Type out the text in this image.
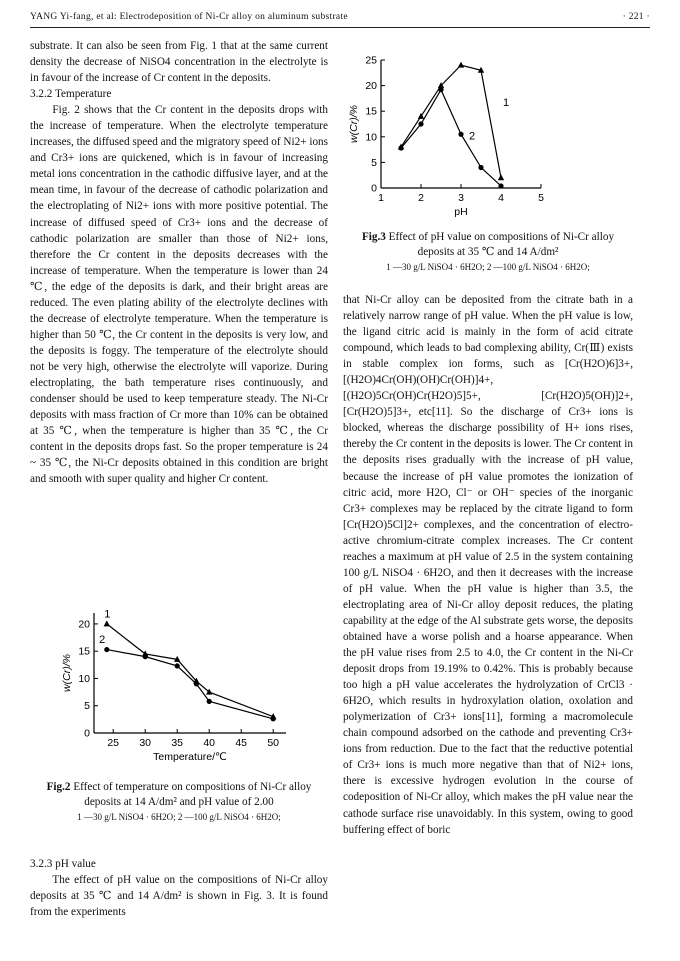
YANG Yi-fang, et al: Electrodeposition of Ni-Cr alloy on aluminum substrate	· 221 ·

substrate. It can also be seen from Fig. 1 that at the same current density the decrease of NiSO4 concentration in the electrolyte is in favour of the increase of Cr content in the deposits.

3.2.2 Temperature

Fig. 2 shows that the Cr content in the deposits drops with the increase of temperature. When the electrolyte temperature increases, the diffused speed and the migratory speed of Ni2+ ions and Cr3+ ions are quickened, which is in favour of increasing metal ions concentration in the cathodic diffusive layer, and at the mean time, in favour of the decrease of cathodic polarization and the electroplating of Ni2+ ions with more positive potential. The increase of diffused speed of Cr3+ ions and the decrease of cathodic polarization are smaller than those of Ni2+ ions, therefore the Cr content in the deposits decreases with the increase of temperature. When the temperature is lower than 24 ℃, the edge of the deposits is dark, and their bright areas are reduced. The even plating ability of the electrolyte declines with the decrease of electrolyte temperature. When the temperature is higher than 50 ℃, the Cr content in the deposits is very low, and the deposits is foggy. The temperature of the electrolyte should not be very high, otherwise the electrolyte will vaporize. During electroplating, the bath temperature rises continuously, and condenser should be used to keep temperature steady. The Ni-Cr deposits with mass fraction of Cr more than 10% can be obtained at 35 ℃, when the temperature is higher than 35 ℃, the Cr content in the deposits drops fast. So the proper temperature is 24 ~ 35 ℃, the Ni-Cr deposits obtained in this condition are bright and smooth with super quality and higher Cr content.

25 30 35 40 45 50
0
5
10
15
20
Temperature/℃
w(Cr)/%
1
2
Fig.2 Effect of temperature on compositions of Ni-Cr alloy deposits at 14 A/dm² and pH value of 2.00
1 —30 g/L NiSO4 · 6H2O; 2 —100 g/L NiSO4 · 6H2O;

3.2.3 pH value

The effect of pH value on the compositions of Ni-Cr alloy deposits at 35 ℃ and 14 A/dm² is shown in Fig. 3. It is found from the experiments

1	2	3	4	5
0
5
10
15
20
25
pH
w(Cr)/%
1
2
Fig.3 Effect of pH value on compositions of Ni-Cr alloy deposits at 35 ℃ and 14 A/dm²
1 —30 g/L NiSO4 · 6H2O; 2 —100 g/L NiSO4 · 6H2O;

that Ni-Cr alloy can be deposited from the citrate bath in a relatively narrow range of pH value. When the pH value is low, the ligand citric acid is mainly in the form of acid citrate compound, which leads to bad complexing ability, Cr(Ⅲ) exists in stable complex ion forms, such as [Cr(H2O)6]3+, [(H2O)4Cr(OH)(OH)Cr(OH)]4+, [(H2O)5Cr(OH)Cr(H2O)5]5+, [Cr(H2O)5(OH)]2+, [Cr(H2O)5]3+, etc[11]. So the discharge of Cr3+ ions is blocked, whereas the discharge possibility of H+ ions rises, thereby the Cr content in the deposits is lower. The Cr content in the deposits rises gradually with the increase of pH value, because the increase of pH value promotes the ionization of citric acid, more H2O, Cl⁻ or OH⁻ species of the inorganic Cr3+ complexes may be replaced by the citrate ligand to form [Cr(H2O)5Cl]2+ complexes, and the concentration of electro-active chromium-citrate complex increases. The Cr content reaches a maximum at pH value of 2.5 in the system containing 100 g/L NiSO4 · 6H2O, and then it decreases with the increase of pH value. When the pH value is higher than 3.5, the electroplating area of Ni-Cr alloy deposit reduces, the plating capability at the edge of the Al substrate gets worse, the deposits obtained have a worse polish and a hoarse appearance. When the pH value rises from 2.5 to 4.0, the Cr content in the Ni-Cr deposit drops from 19.19% to 0.42%. This is probably because too high a pH value accelerates the hydrolyzation of CrCl3 · 6H2O, which results in hydroxylation olation, oxolation and polymerization of Cr3+ ions[11], forming a macromolecule chain compound adsorbed on the cathode and preventing Cr3+ ions from reduction. Due to the fact that the reductive potential of Cr3+ ions is much more negative than that of Ni2+ ions, there is excessive hydrogen evolution in the course of codeposition of Ni-Cr alloy, which makes the pH value near the cathode surface rise unavoidably. In this system, owing to good buffering effect of boric
